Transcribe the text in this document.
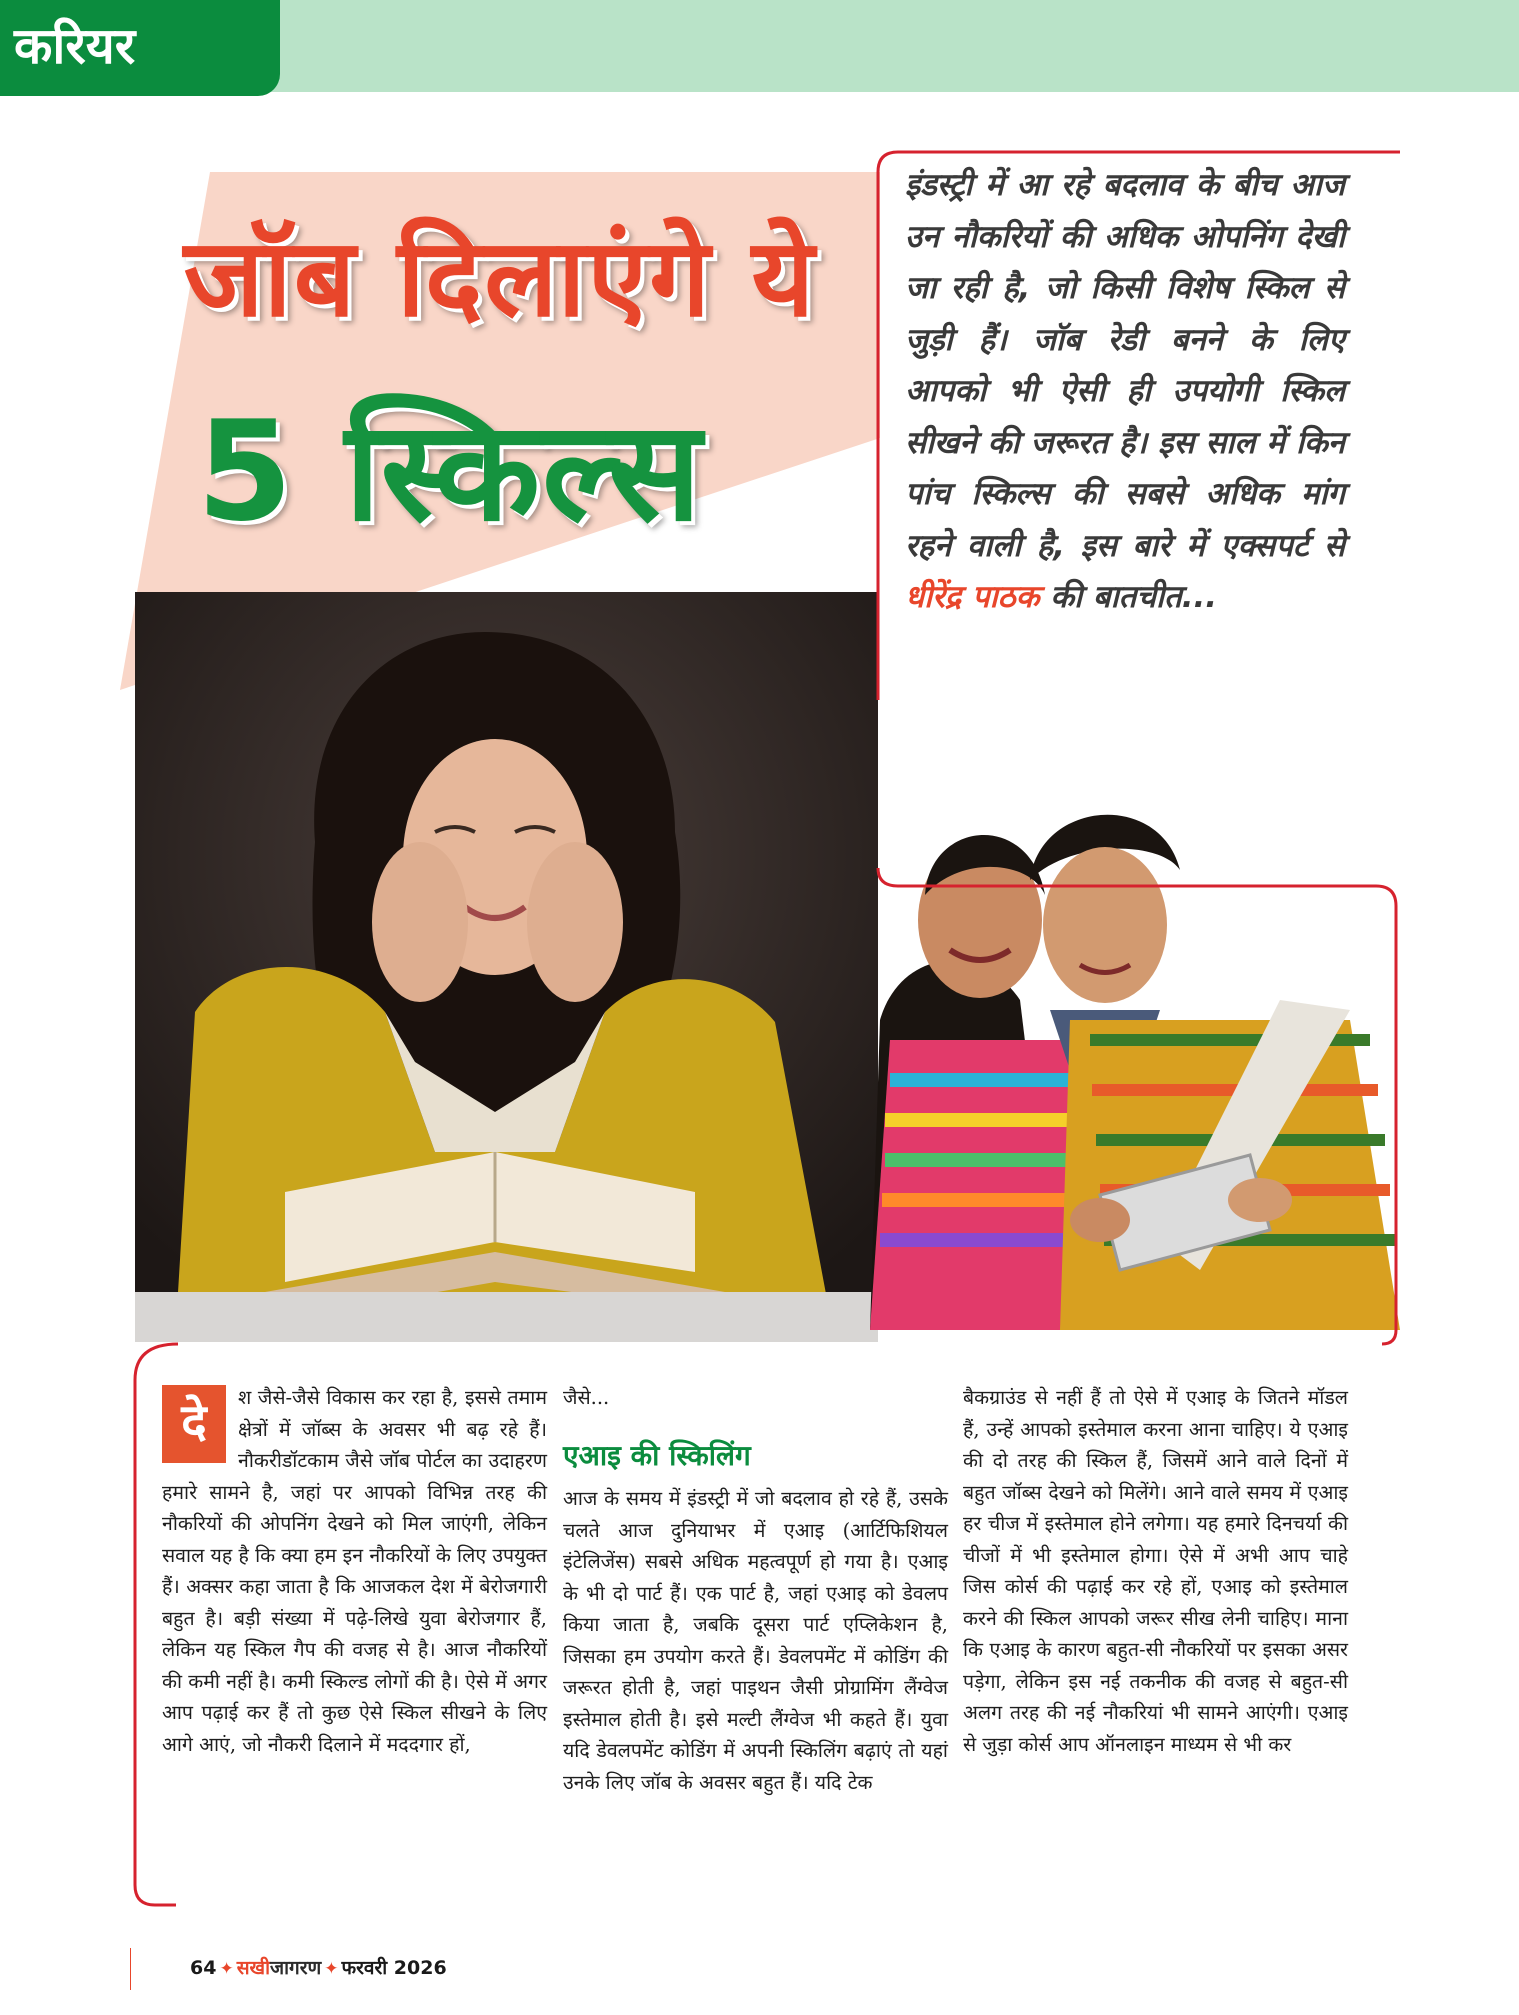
करियर
जॉब दिलाएंगे ये
5 स्किल्स
इंडस्ट्री में आ रहे बदलाव के बीच आज उन नौकरियों की अधिक ओपनिंग देखी जा रही है, जो किसी विशेष स्किल से जुड़ी हैं। जॉब रेडी बनने के लिए आपको भी ऐसी ही उपयोगी स्किल सीखने की जरूरत है। इस साल में किन पांच स्किल्स की सबसे अधिक मांग रहने वाली है, इस बारे में एक्सपर्ट से धीरेंद्र पाठक की बातचीत...
दे	श जैसे-जैसे विकास कर रहा है, इससे तमाम क्षेत्रों में जॉब्स के अवसर भी बढ़ रहे हैं। नौकरीडॉटकाम जैसे जॉब पोर्टल का उदाहरण हमारे सामने है, जहां पर आपको विभिन्न तरह की नौकरियों की ओपनिंग देखने को मिल जाएंगी, लेकिन सवाल यह है कि क्या हम इन नौकरियों के लिए उपयुक्त हैं। अक्सर कहा जाता है कि आजकल देश में बेरोजगारी बहुत है। बड़ी संख्या में पढ़े-लिखे युवा बेरोजगार हैं, लेकिन यह स्किल गैप की वजह से है। आज नौकरियों की कमी नहीं है। कमी स्किल्ड लोगों की है। ऐसे में अगर आप पढ़ाई कर हैं तो कुछ ऐसे स्किल सीखने के लिए आगे आएं, जो नौकरी दिलाने में मददगार हों,

जैसे...

एआइ की स्किलिंग

आज के समय में इंडस्ट्री में जो बदलाव हो रहे हैं, उसके चलते आज दुनियाभर में एआइ (आर्टिफिशियल इंटेलिजेंस) सबसे अधिक महत्वपूर्ण हो गया है। एआइ के भी दो पार्ट हैं। एक पार्ट है, जहां एआइ को डेवलप किया जाता है, जबकि दूसरा पार्ट एप्लिकेशन है, जिसका हम उपयोग करते हैं। डेवलपमेंट में कोडिंग की जरूरत होती है, जहां पाइथन जैसी प्रोग्रामिंग लैंग्वेज इस्तेमाल होती है। इसे मल्टी लैंग्वेज भी कहते हैं। युवा यदि डेवलपमेंट कोडिंग में अपनी स्किलिंग बढ़ाएं तो यहां उनके लिए जॉब के अवसर बहुत हैं। यदि टेक

बैकग्राउंड से नहीं हैं तो ऐसे में एआइ के जितने मॉडल हैं, उन्हें आपको इस्तेमाल करना आना चाहिए। ये एआइ की दो तरह की स्किल हैं, जिसमें आने वाले दिनों में बहुत जॉब्स देखने को मिलेंगे। आने वाले समय में एआइ हर चीज में इस्तेमाल होने लगेगा। यह हमारे दिनचर्या की चीजों में भी इस्तेमाल होगा। ऐसे में अभी आप चाहे जिस कोर्स की पढ़ाई कर रहे हों, एआइ को इस्तेमाल करने की स्किल आपको जरूर सीख लेनी चाहिए। माना कि एआइ के कारण बहुत-सी नौकरियों पर इसका असर पड़ेगा, लेकिन इस नई तकनीक की वजह से बहुत-सी अलग तरह की नई नौकरियां भी सामने आएंगी। एआइ से जुड़ा कोर्स आप ऑनलाइन माध्यम से भी कर

64 ✦ सखीजागरण ✦ फरवरी 2026
